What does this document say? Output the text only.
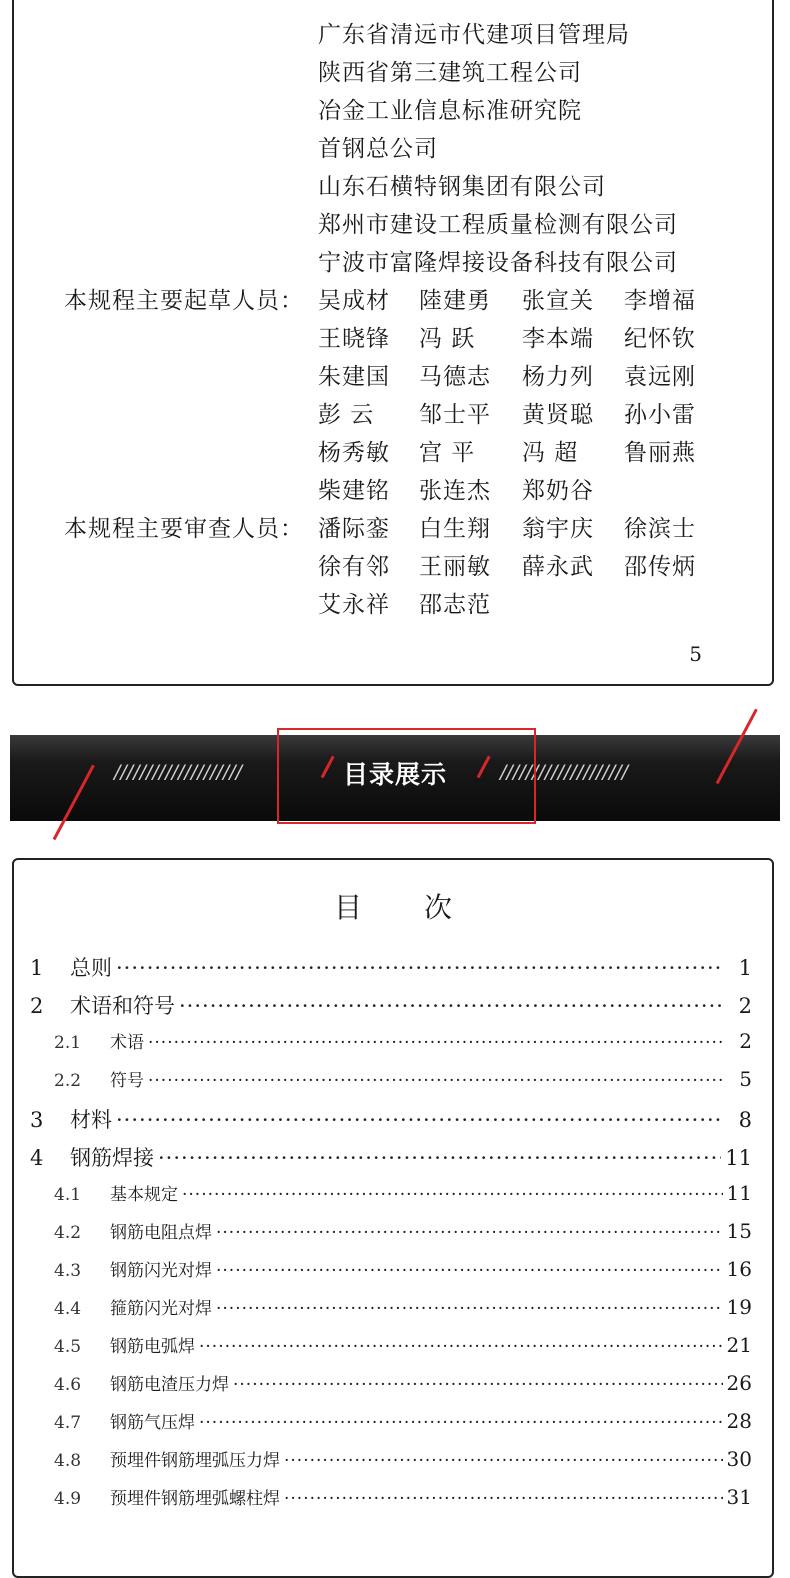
广东省清远市代建项目管理局
陕西省第三建筑工程公司
冶金工业信息标准研究院
首钢总公司
山东石横特钢集团有限公司
郑州市建设工程质量检测有限公司
宁波市富隆焊接设备科技有限公司
本规程主要起草人员： 吴成材 陸建勇 张宣关 李增福
王晓锋 冯 跃 李本端 纪怀钦
朱建国 马德志 杨力列 袁远刚
彭 云 邹士平 黄贤聪 孙小雷
杨秀敏 宫 平 冯 超 鲁丽燕
柴建铭 张连杰 郑奶谷
本规程主要审查人员： 潘际銮 白生翔 翁宇庆 徐滨士
徐有邻 王丽敏 薛永武 邵传炳
艾永祥 邵志范
5
////////////////////	////////////////////
目录展示
目 次
1	总则 ·····	1
2	术语和符号 ·····	2
2.1	术语 ·····	2
2.2	符号 ·····	5
3	材料 ·····	8
4	钢筋焊接 ·····	11
4.1	基本规定 ·····	11
4.2	钢筋电阻点焊 ·····	15
4.3	钢筋闪光对焊 ·····	16
4.4	箍筋闪光对焊 ·····	19
4.5	钢筋电弧焊 ·····	21
4.6	钢筋电渣压力焊 ·····	26
4.7	钢筋气压焊 ·····	28
4.8	预埋件钢筋埋弧压力焊 ·····	30
4.9	预埋件钢筋埋弧螺柱焊 ·····	31
